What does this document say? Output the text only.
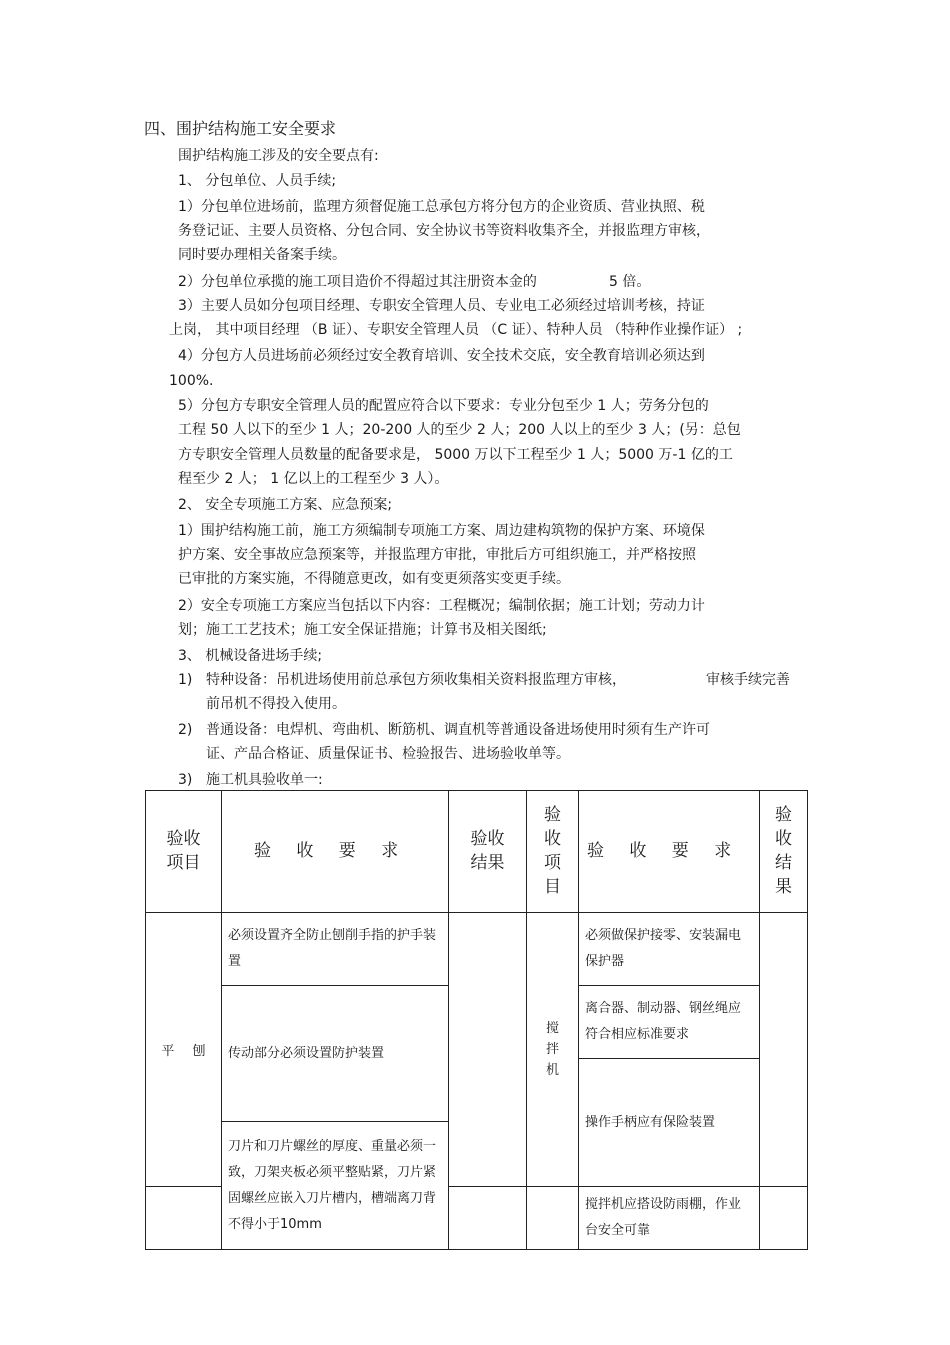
四、围护结构施工安全要求

围护结构施工涉及的安全要点有:

1、 分包单位、人员手续;

1）分包单位进场前，监理方须督促施工总承包方将分包方的企业资质、营业执照、税

务登记证、主要人员资格、分包合同、安全协议书等资料收集齐全，并报监理方审核，

同时要办理相关备案手续。

2）分包单位承揽的施工项目造价不得超过其注册资本金的	5 倍。

3）主要人员如分包项目经理、专职安全管理人员、专业电工必须经过培训考核，持证

上岗， 其中项目经理 （B 证）、专职安全管理人员 （C 证）、特种人员 （特种作业操作证） ;

4）分包方人员进场前必须经过安全教育培训、安全技术交底，安全教育培训必须达到

100%.

5）分包方专职安全管理人员的配置应符合以下要求：专业分包至少 1 人；劳务分包的

工程 50 人以下的至少 1 人；20-200 人的至少 2 人；200 人以上的至少 3 人；(另：总包

方专职安全管理人员数量的配备要求是， 5000 万以下工程至少 1 人；5000 万-1 亿的工

程至少 2 人； 1 亿以上的工程至少 3 人）。

2、 安全专项施工方案、应急预案;

1）围护结构施工前，施工方须编制专项施工方案、周边建构筑物的保护方案、环境保

护方案、安全事故应急预案等，并报监理方审批，审批后方可组织施工，并严格按照

已审批的方案实施，不得随意更改，如有变更须落实变更手续。

2）安全专项施工方案应当包括以下内容：工程概况；编制依据；施工计划；劳动力计

划；施工工艺技术；施工安全保证措施；计算书及相关图纸;

3、 机械设备进场手续;

1) 特种设备：吊机进场使用前总承包方须收集相关资料报监理方审核，	审核手续完善

前吊机不得投入使用。

2) 普通设备：电焊机、弯曲机、断筋机、调直机等普通设备进场使用时须有生产许可

证、产品合格证、质量保证书、检验报告、进场验收单等。

3) 施工机具验收单一:

验收项目	验 收 要 求	验收结果	验收项目	验 收 要 求	验收结果
平 刨	必须设置齐全防止刨削手指的护手装置		搅拌机	必须做保护接零、安装漏电保护器	
	传动部分必须设置防护装置			离合器、制动器、钢丝绳应符合相应标准要求	
				操作手柄应有保险装置	
	刀片和刀片螺丝的厚度、重量必须一致，刀架夹板必须平整贴紧，刀片紧固螺丝应嵌入刀片槽内，槽端离刀背不得小于10mm				
				搅拌机应搭设防雨棚，作业台安全可靠	
